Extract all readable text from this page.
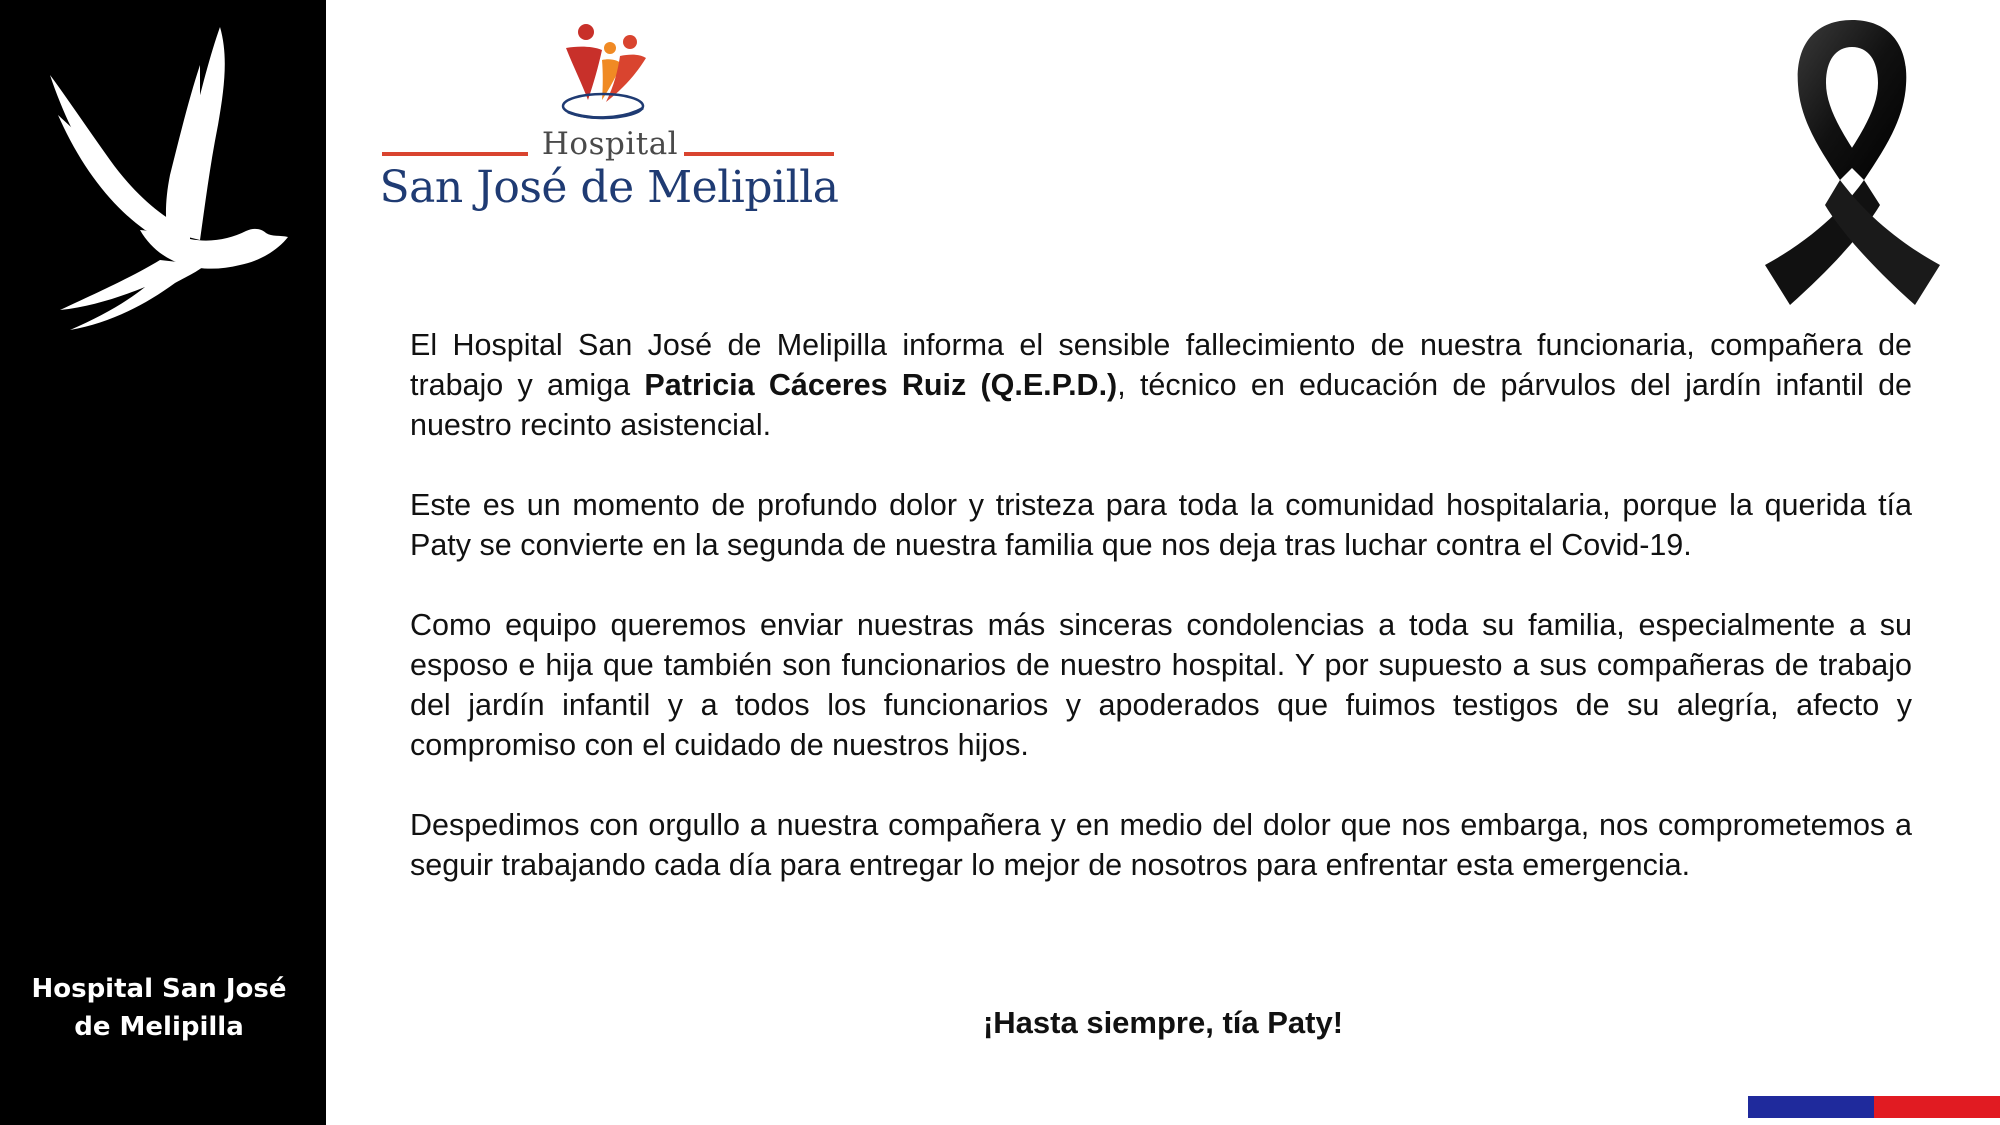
Hospital San José
de Melipilla
Hospital
San José de Melipilla

El Hospital San José de Melipilla informa el sensible fallecimiento de nuestra funcionaria, compañera de trabajo y amiga Patricia Cáceres Ruiz (Q.E.P.D.), técnico en educación de párvulos del jardín infantil de nuestro recinto asistencial.

Este es un momento de profundo dolor y tristeza para toda la comunidad hospitalaria, porque la querida tía Paty se convierte en la segunda de nuestra familia que nos deja tras luchar contra el Covid-19.

Como equipo queremos enviar nuestras más sinceras condolencias a toda su familia, especialmente a su esposo e hija que también son funcionarios de nuestro hospital. Y por supuesto a sus compañeras de trabajo del jardín infantil y a todos los funcionarios y apoderados que fuimos testigos de su alegría, afecto y compromiso con el cuidado de nuestros hijos.

Despedimos con orgullo a nuestra compañera y en medio del dolor que nos embarga, nos comprometemos a seguir trabajando cada día para entregar lo mejor de nosotros para enfrentar esta emergencia.

¡Hasta siempre, tía Paty!
